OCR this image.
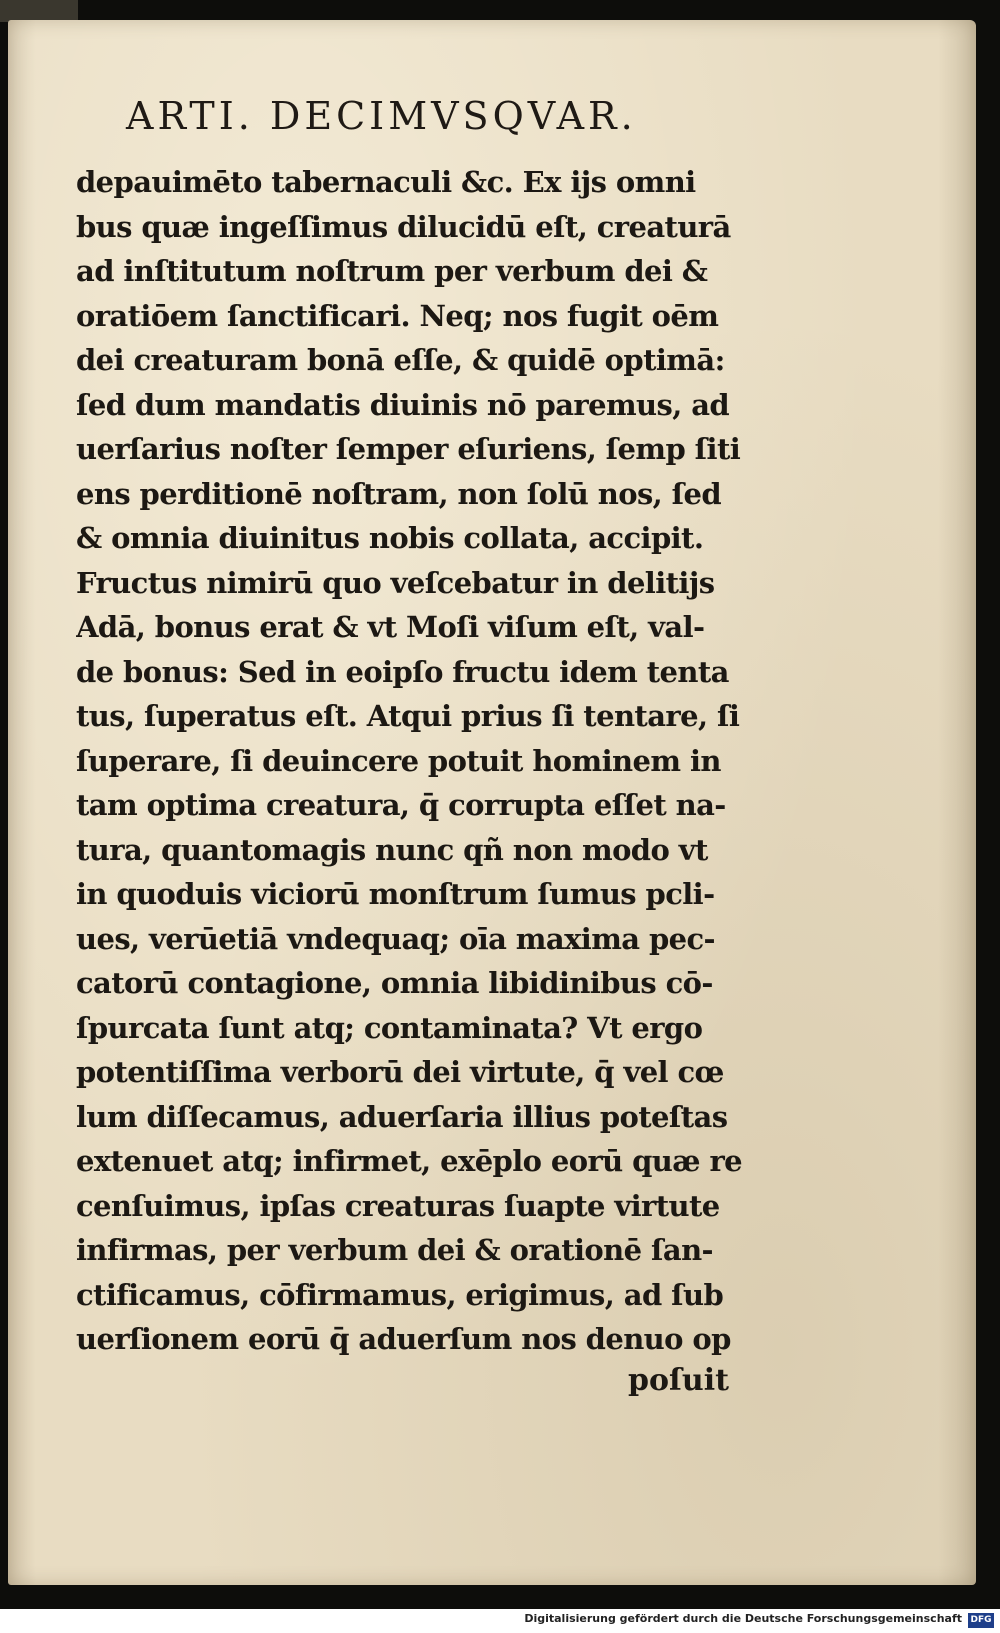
ARTI. DECIMVSQVAR.
depauimēto tabernaculi &c. Ex ijs omni
bus quæ ingeſſimus dilucidū eſt, creaturā
ad inſtitutum noſtrum per verbum dei &
oratiōem ſanctificari. Neq; nos fugit oēm
dei creaturam bonā eſſe, & quidē optimā:
ſed dum mandatis diuinis nō paremus, ad
uerſarius noſter ſemper eſuriens, ſemp ſiti
ens perditionē noſtram, non ſolū nos, ſed
& omnia diuinitus nobis collata, accipit.
Fructus nimirū quo veſcebatur in delitijs
Adā, bonus erat & vt Moſi viſum eſt, val-
de bonus: Sed in eoipſo fructu idem tenta
tus, ſuperatus eſt. Atqui prius ſi tentare, ſi
ſuperare, ſi deuincere potuit hominem in
tam optima creatura, q̄ corrupta eſſet na-
tura, quantomagis nunc qñ non modo vt
in quoduis viciorū monſtrum ſumus pcli-
ues, verūetiā vndequaq; oīa maxima pec-
catorū contagione, omnia libidinibus cō-
ſpurcata ſunt atq; contaminata? Vt ergo
potentiſſima verborū dei virtute, q̄ vel cœ
lum diſſecamus, aduerſaria illius poteſtas
extenuet atq; infirmet, exēplo eorū quæ re
cenſuimus, ipſas creaturas ſuapte virtute
infirmas, per verbum dei & orationē ſan-
ctificamus, cōfirmamus, erigimus, ad ſub
uerſionem eorū q̄ aduerſum nos denuo op
poſuit
Digitalisierung gefördert durch die Deutsche Forschungsgemeinschaft DFG
